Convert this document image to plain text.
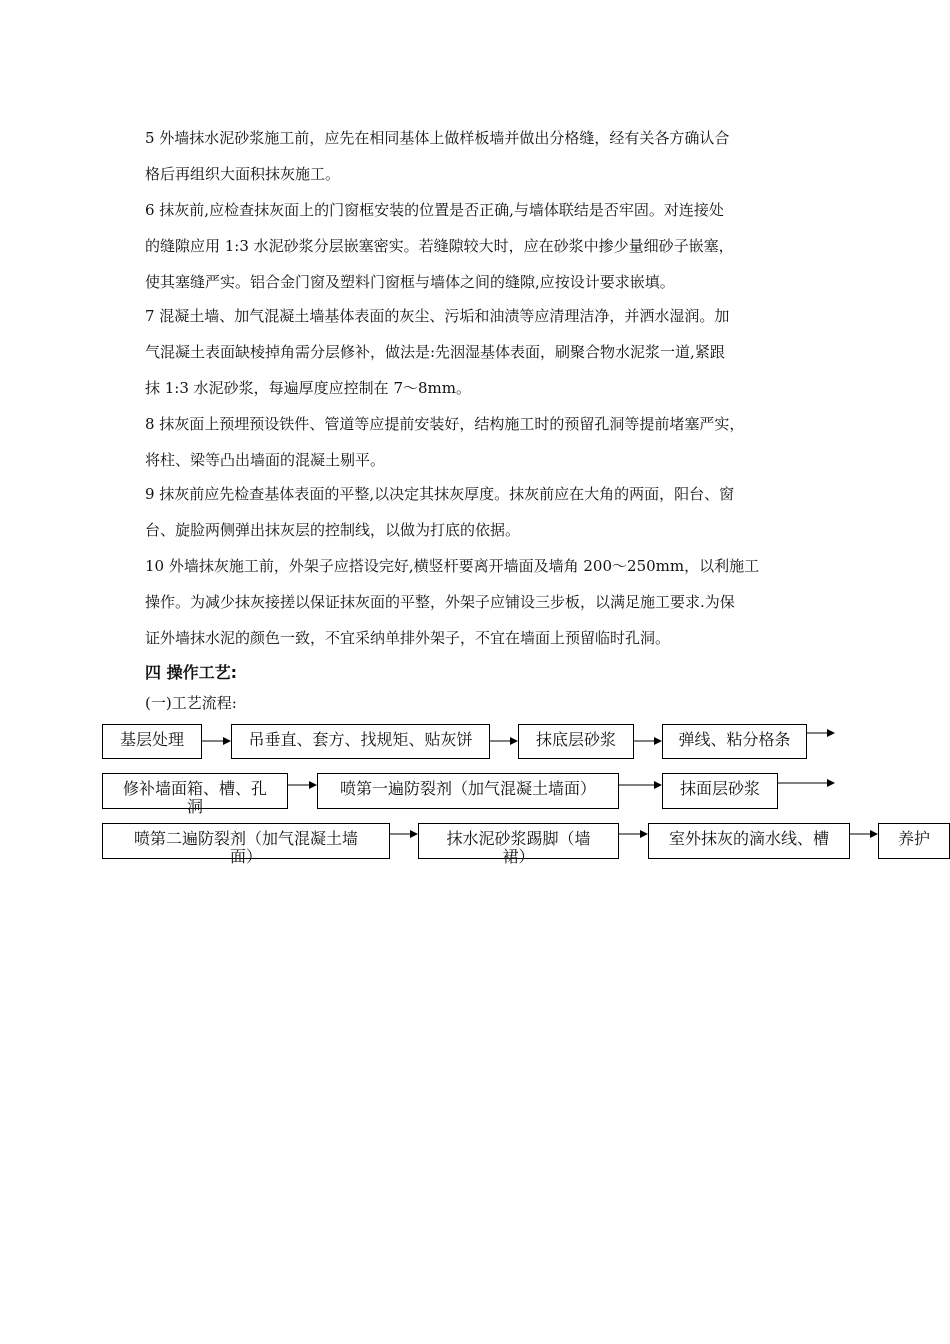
5 外墙抹水泥砂浆施工前，应先在相同基体上做样板墙并做出分格缝，经有关各方确认合

格后再组织大面积抹灰施工。

6 抹灰前,应检查抹灰面上的门窗框安装的位置是否正确,与墙体联结是否牢固。对连接处

的缝隙应用 1:3 水泥砂浆分层嵌塞密实。若缝隙较大时，应在砂浆中掺少量细砂子嵌塞，

使其塞缝严实。铝合金门窗及塑料门窗框与墙体之间的缝隙,应按设计要求嵌填。

7 混凝土墙、加气混凝土墙基体表面的灰尘、污垢和油渍等应清理洁净，并洒水湿润。加

气混凝土表面缺棱掉角需分层修补，做法是:先洇湿基体表面，刷聚合物水泥浆一道,紧跟

抹 1:3 水泥砂浆，每遍厚度应控制在 7～8mm。

8 抹灰面上预埋预设铁件、管道等应提前安装好，结构施工时的预留孔洞等提前堵塞严实，

将柱、梁等凸出墙面的混凝土剔平。

9 抹灰前应先检查基体表面的平整,以决定其抹灰厚度。抹灰前应在大角的两面，阳台、窗

台、旋脸两侧弹出抹灰层的控制线，以做为打底的依据。

10 外墙抹灰施工前，外架子应搭设完好,横竖杆要离开墙面及墙角 200～250mm，以利施工

操作。为减少抹灰接搓以保证抹灰面的平整，外架子应铺设三步板，以满足施工要求.为保

证外墙抹水泥的颜色一致，不宜采纳单排外架子，不宜在墙面上预留临时孔洞。

四 操作工艺:
(一)工艺流程:
基层处理	吊垂直、套方、找规矩、贴灰饼	抹底层砂浆	弹线、粘分格条
修补墙面箱、槽、孔
洞
喷第一遍防裂剂（加气混凝土墙面）	抹面层砂浆
喷第二遍防裂剂（加气混凝土墙
面）
抹水泥砂浆踢脚（墙
裙）
室外抹灰的滴水线、槽	养护
